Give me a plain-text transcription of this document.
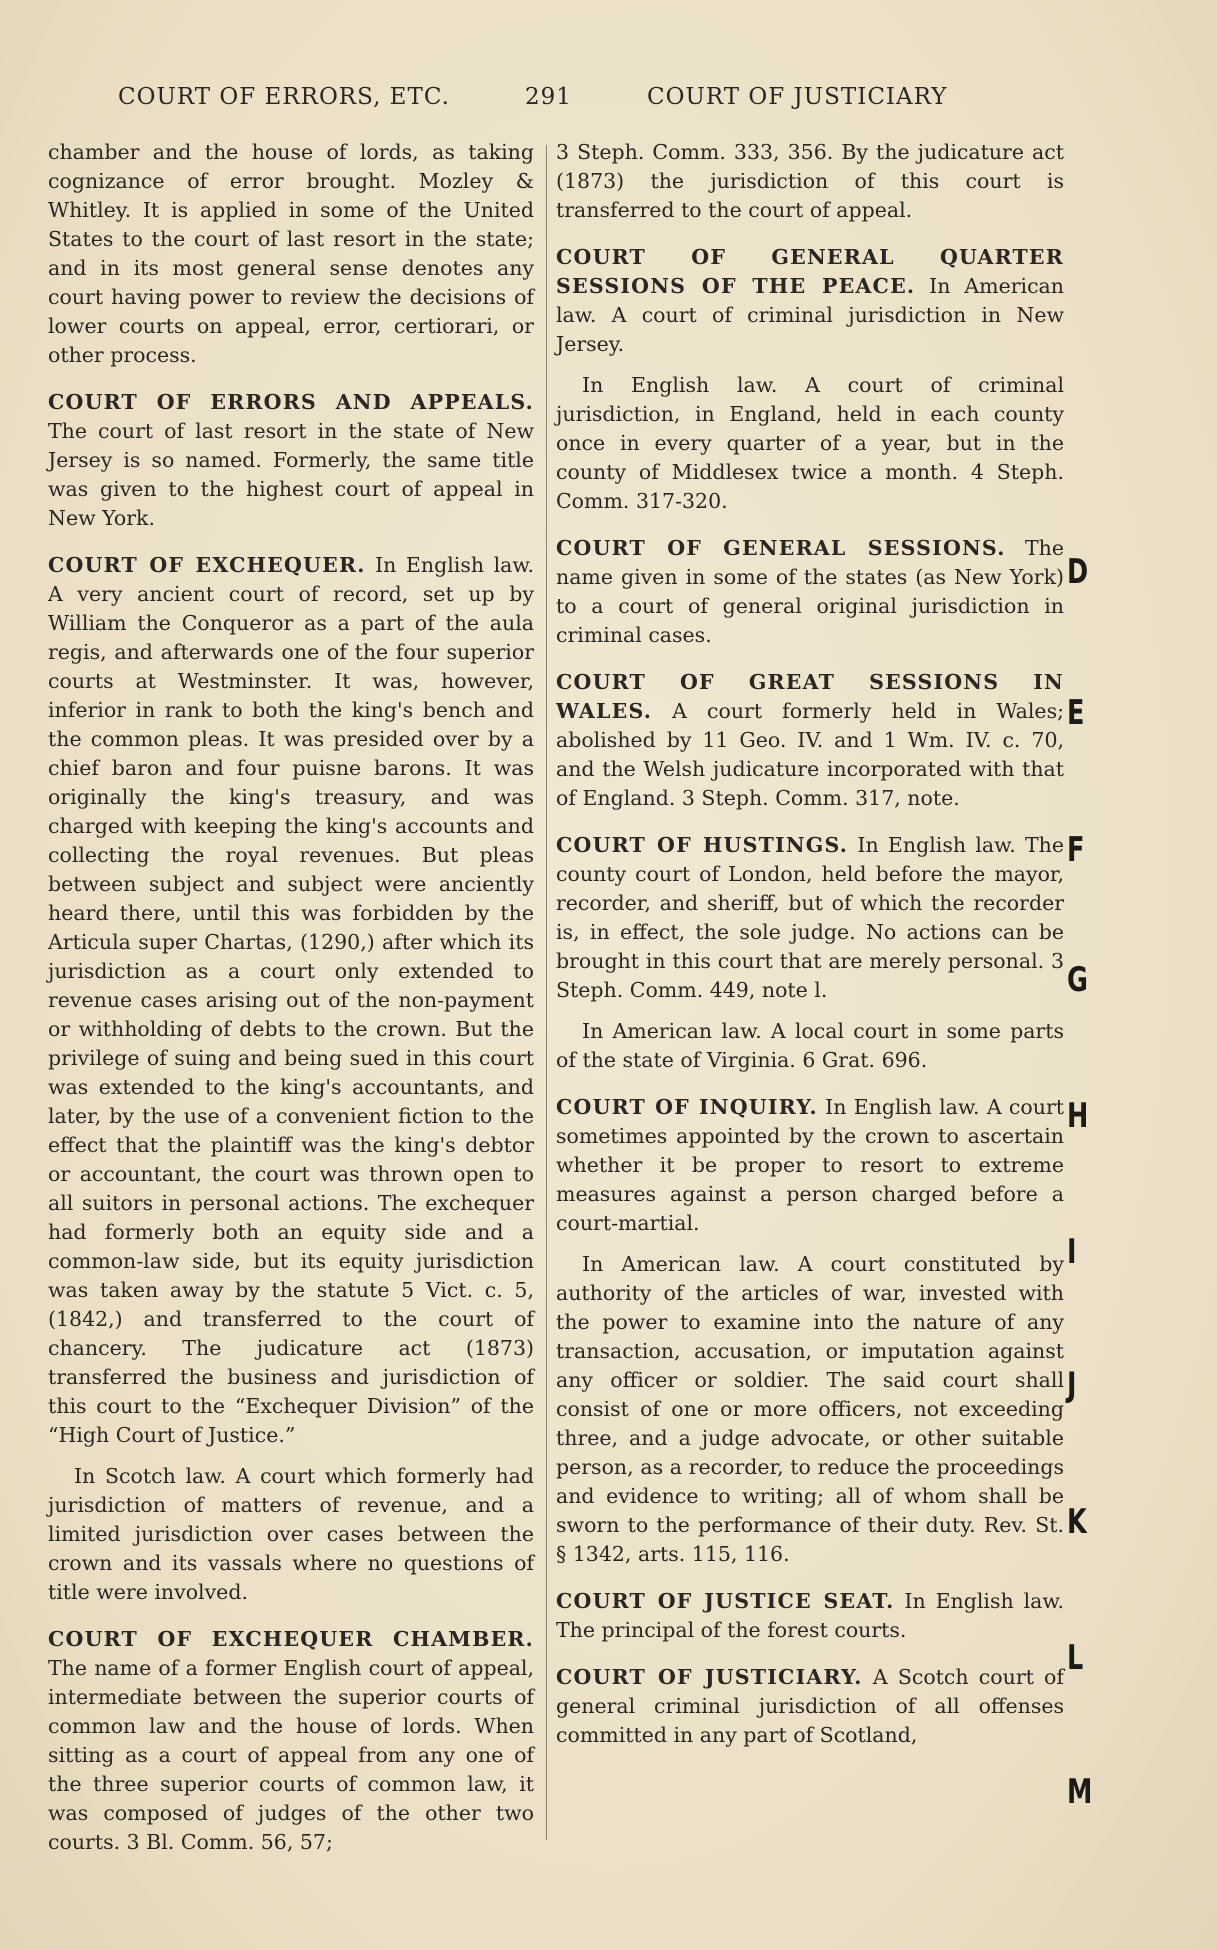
COURT OF ERRORS, ETC.	291	COURT OF JUSTICIARY

chamber and the house of lords, as taking cognizance of error brought. Mozley & Whitley. It is applied in some of the United States to the court of last resort in the state; and in its most general sense denotes any court having power to review the decisions of lower courts on appeal, error, certiorari, or other process.

COURT OF ERRORS AND APPEALS. The court of last resort in the state of New Jersey is so named. Formerly, the same title was given to the highest court of appeal in New York.

COURT OF EXCHEQUER. In English law. A very ancient court of record, set up by William the Conqueror as a part of the aula regis, and afterwards one of the four superior courts at Westminster. It was, however, inferior in rank to both the king's bench and the common pleas. It was presided over by a chief baron and four puisne barons. It was originally the king's treasury, and was charged with keeping the king's accounts and collecting the royal revenues. But pleas between subject and subject were anciently heard there, until this was forbidden by the Articula super Chartas, (1290,) after which its jurisdiction as a court only extended to revenue cases arising out of the non-payment or withholding of debts to the crown. But the privilege of suing and being sued in this court was extended to the king's accountants, and later, by the use of a convenient fiction to the effect that the plaintiff was the king's debtor or accountant, the court was thrown open to all suitors in personal actions. The exchequer had formerly both an equity side and a common-law side, but its equity jurisdiction was taken away by the statute 5 Vict. c. 5, (1842,) and transferred to the court of chancery. The judicature act (1873) transferred the business and jurisdiction of this court to the “Exchequer Division” of the “High Court of Justice.”

In Scotch law. A court which formerly had jurisdiction of matters of revenue, and a limited jurisdiction over cases between the crown and its vassals where no questions of title were involved.

COURT OF EXCHEQUER CHAMBER. The name of a former English court of appeal, intermediate between the superior courts of common law and the house of lords. When sitting as a court of appeal from any one of the three superior courts of common law, it was composed of judges of the other two courts. 3 Bl. Comm. 56, 57;

3 Steph. Comm. 333, 356. By the judicature act (1873) the jurisdiction of this court is transferred to the court of appeal.

COURT OF GENERAL QUARTER SESSIONS OF THE PEACE. In American law. A court of criminal jurisdiction in New Jersey.

In English law. A court of criminal jurisdiction, in England, held in each county once in every quarter of a year, but in the county of Middlesex twice a month. 4 Steph. Comm. 317-320.

COURT OF GENERAL SESSIONS. The name given in some of the states (as New York) to a court of general original jurisdiction in criminal cases.

COURT OF GREAT SESSIONS IN WALES. A court formerly held in Wales; abolished by 11 Geo. IV. and 1 Wm. IV. c. 70, and the Welsh judicature incorporated with that of England. 3 Steph. Comm. 317, note.

COURT OF HUSTINGS. In English law. The county court of London, held before the mayor, recorder, and sheriff, but of which the recorder is, in effect, the sole judge. No actions can be brought in this court that are merely personal. 3 Steph. Comm. 449, note l.

In American law. A local court in some parts of the state of Virginia. 6 Grat. 696.

COURT OF INQUIRY. In English law. A court sometimes appointed by the crown to ascertain whether it be proper to resort to extreme measures against a person charged before a court-martial.

In American law. A court constituted by authority of the articles of war, invested with the power to examine into the nature of any transaction, accusation, or imputation against any officer or soldier. The said court shall consist of one or more officers, not exceeding three, and a judge advocate, or other suitable person, as a recorder, to reduce the proceedings and evidence to writing; all of whom shall be sworn to the performance of their duty. Rev. St. § 1342, arts. 115, 116.

COURT OF JUSTICE SEAT. In English law. The principal of the forest courts.

COURT OF JUSTICIARY. A Scotch court of general criminal jurisdiction of all offenses committed in any part of Scotland,

D
E
F
G
H
I
J
K
L
M
